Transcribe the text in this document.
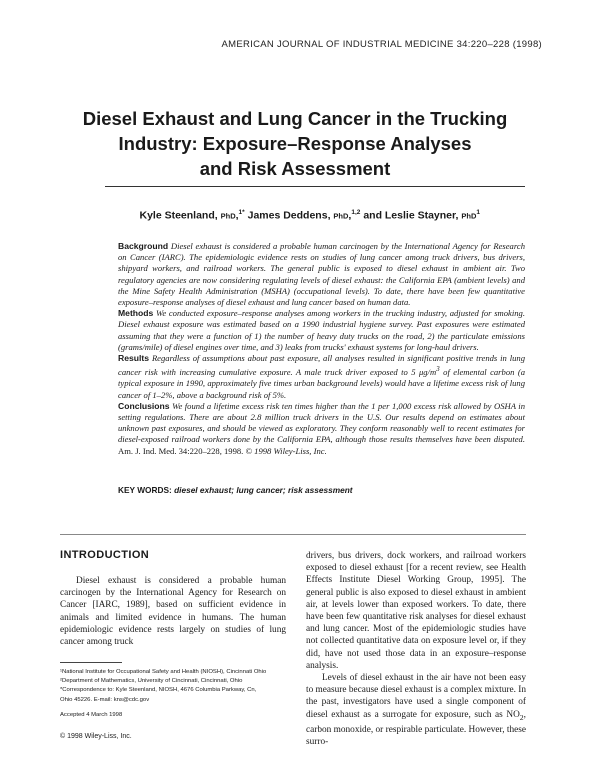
AMERICAN JOURNAL OF INDUSTRIAL MEDICINE 34:220–228 (1998)
Diesel Exhaust and Lung Cancer in the Trucking
Industry: Exposure–Response Analyses
and Risk Assessment
Kyle Steenland, PhD,$^{1*}$ James Deddens, PhD,$^{1,2}$ and Leslie Stayner, PhD$^1$

Background Diesel exhaust is considered a probable human carcinogen by the International Agency for Research on Cancer (IARC). The epidemiologic evidence rests on studies of lung cancer among truck drivers, bus drivers, shipyard workers, and railroad workers. The general public is exposed to diesel exhaust in ambient air. Two regulatory agencies are now considering regulating levels of diesel exhaust: the California EPA (ambient levels) and the Mine Safety Health Administration (MSHA) (occupational levels). To date, there have been few quantitative exposure–response analyses of diesel exhaust and lung cancer based on human data.

Methods We conducted exposure–response analyses among workers in the trucking industry, adjusted for smoking. Diesel exhaust exposure was estimated based on a 1990 industrial hygiene survey. Past exposures were estimated assuming that they were a function of 1) the number of heavy duty trucks on the road, 2) the particulate emissions (grams/mile) of diesel engines over time, and 3) leaks from trucks' exhaust systems for long-haul drivers.

Results Regardless of assumptions about past exposure, all analyses resulted in significant positive trends in lung cancer risk with increasing cumulative exposure. A male truck driver exposed to 5 $\mu g/m^3$ of elemental carbon (a typical exposure in 1990, approximately five times urban background levels) would have a lifetime excess risk of lung cancer of 1–2%, above a background risk of 5%.

Conclusions We found a lifetime excess risk ten times higher than the 1 per 1,000 excess risk allowed by OSHA in setting regulations. There are about 2.8 million truck drivers in the U.S. Our results depend on estimates about unknown past exposures, and should be viewed as exploratory. They conform reasonably well to recent estimates for diesel-exposed railroad workers done by the California EPA, although those results themselves have been disputed. Am. J. Ind. Med. 34:220–228, 1998. © 1998 Wiley-Liss, Inc.

KEY WORDS: diesel exhaust; lung cancer; risk assessment
INTRODUCTION

Diesel exhaust is considered a probable human carcinogen by the International Agency for Research on Cancer [IARC, 1989], based on sufficient evidence in animals and limited evidence in humans. The human epidemiologic evidence rests largely on studies of lung cancer among truck

drivers, bus drivers, dock workers, and railroad workers exposed to diesel exhaust [for a recent review, see Health Effects Institute Diesel Working Group, 1995]. The general public is also exposed to diesel exhaust in ambient air, at levels lower than exposed workers. To date, there have been few quantitative risk analyses for diesel exhaust and lung cancer. Most of the epidemiologic studies have not collected quantitative data on exposure level or, if they did, have not used those data in an exposure–response analysis.

Levels of diesel exhaust in the air have not been easy to measure because diesel exhaust is a complex mixture. In the past, investigators have used a single component of diesel exhaust as a surrogate for exposure, such as $NO_2$, carbon monoxide, or respirable particulate. However, these surro-

¹National Institute for Occupational Safety and Health (NIOSH), Cincinnati Ohio
²Department of Mathematics, University of Cincinnati, Cincinnati, Ohio
*Correspondence to: Kyle Steenland, NIOSH, 4676 Columbia Parkway, Cn,
Ohio 45226. E-mail: kns@cdc.gov
Accepted 4 March 1998
© 1998 Wiley-Liss, Inc.
